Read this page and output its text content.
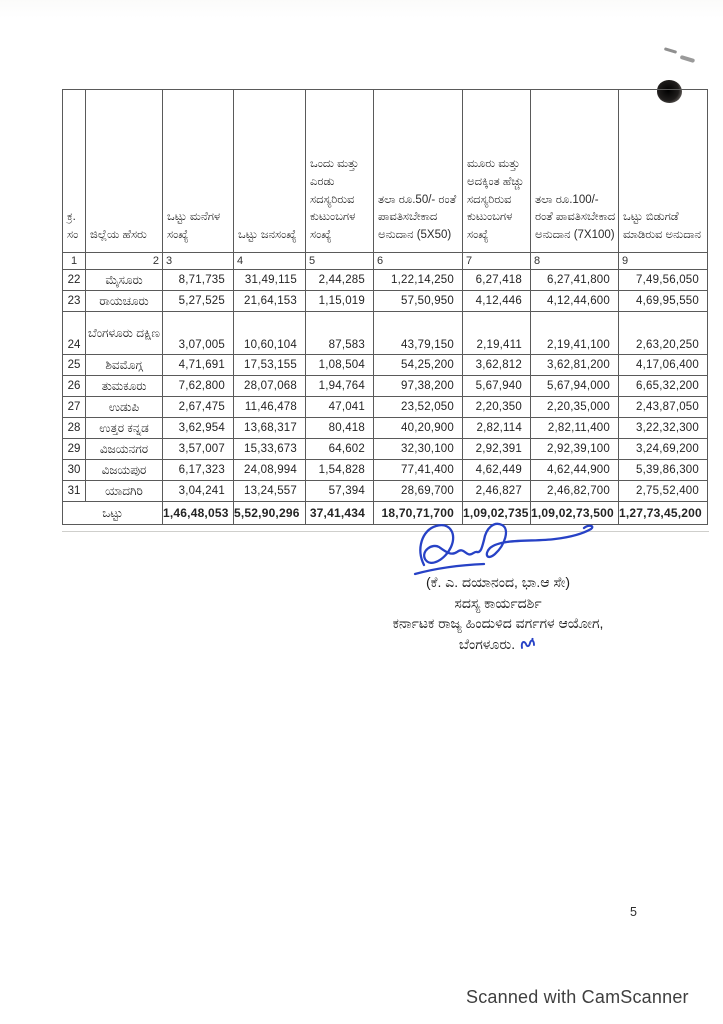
ಕ್ರ. ಸಂ	ಜಿಲ್ಲೆಯ ಹೆಸರು	ಒಟ್ಟು ಮನೆಗಳ ಸಂಖ್ಯೆ	ಒಟ್ಟು ಜನಸಂಖ್ಯೆ	ಒಂದು ಮತ್ತು ಎರಡು ಸದಸ್ಯರಿರುವ ಕುಟುಂಬಗಳ ಸಂಖ್ಯೆ	ತಲಾ ರೂ.50/- ರಂತೆ ಪಾವತಿಸಬೇಕಾದ ಅನುದಾನ (5X50)	ಮೂರು ಮತ್ತು ಅದಕ್ಕಿಂತ ಹೆಚ್ಚು ಸದಸ್ಯರಿರುವ ಕುಟುಂಬಗಳ ಸಂಖ್ಯೆ	ತಲಾ ರೂ.100/- ರಂತೆ ಪಾವತಿಸಬೇಕಾದ ಅನುದಾನ (7X100)	ಒಟ್ಟು ಬಿಡುಗಡೆ ಮಾಡಿರುವ ಅನುದಾನ
1	2	3	4	5	6	7	8	9
22	ಮೈಸೂರು	8,71,735	31,49,115	2,44,285	1,22,14,250	6,27,418	6,27,41,800	7,49,56,050
23	ರಾಯಚೂರು	5,27,525	21,64,153	1,15,019	57,50,950	4,12,446	4,12,44,600	4,69,95,550
24	ಬೆಂಗಳೂರು ದಕ್ಷಿಣ	3,07,005	10,60,104	87,583	43,79,150	2,19,411	2,19,41,100	2,63,20,250
25	ಶಿವಮೊಗ್ಗ	4,71,691	17,53,155	1,08,504	54,25,200	3,62,812	3,62,81,200	4,17,06,400
26	ತುಮಕೂರು	7,62,800	28,07,068	1,94,764	97,38,200	5,67,940	5,67,94,000	6,65,32,200
27	ಉಡುಪಿ	2,67,475	11,46,478	47,041	23,52,050	2,20,350	2,20,35,000	2,43,87,050
28	ಉತ್ತರ ಕನ್ನಡ	3,62,954	13,68,317	80,418	40,20,900	2,82,114	2,82,11,400	3,22,32,300
29	ವಿಜಯನಗರ	3,57,007	15,33,673	64,602	32,30,100	2,92,391	2,92,39,100	3,24,69,200
30	ವಿಜಯಪುರ	6,17,323	24,08,994	1,54,828	77,41,400	4,62,449	4,62,44,900	5,39,86,300
31	ಯಾದಗಿರಿ	3,04,241	13,24,557	57,394	28,69,700	2,46,827	2,46,82,700	2,75,52,400
ಒಟ್ಟು		1,46,48,053	5,52,90,296	37,41,434	18,70,71,700	1,09,02,735	1,09,02,73,500	1,27,73,45,200
(ಕೆ. ಎ. ದಯಾನಂದ, ಭಾ.ಆ ಸೇ)
ಸದಸ್ಯ ಕಾರ್ಯದರ್ಶಿ
ಕರ್ನಾಟಕ ರಾಜ್ಯ ಹಿಂದುಳಿದ ವರ್ಗಗಳ ಆಯೋಗ,
ಬೆಂಗಳೂರು.
5
Scanned with CamScanner
